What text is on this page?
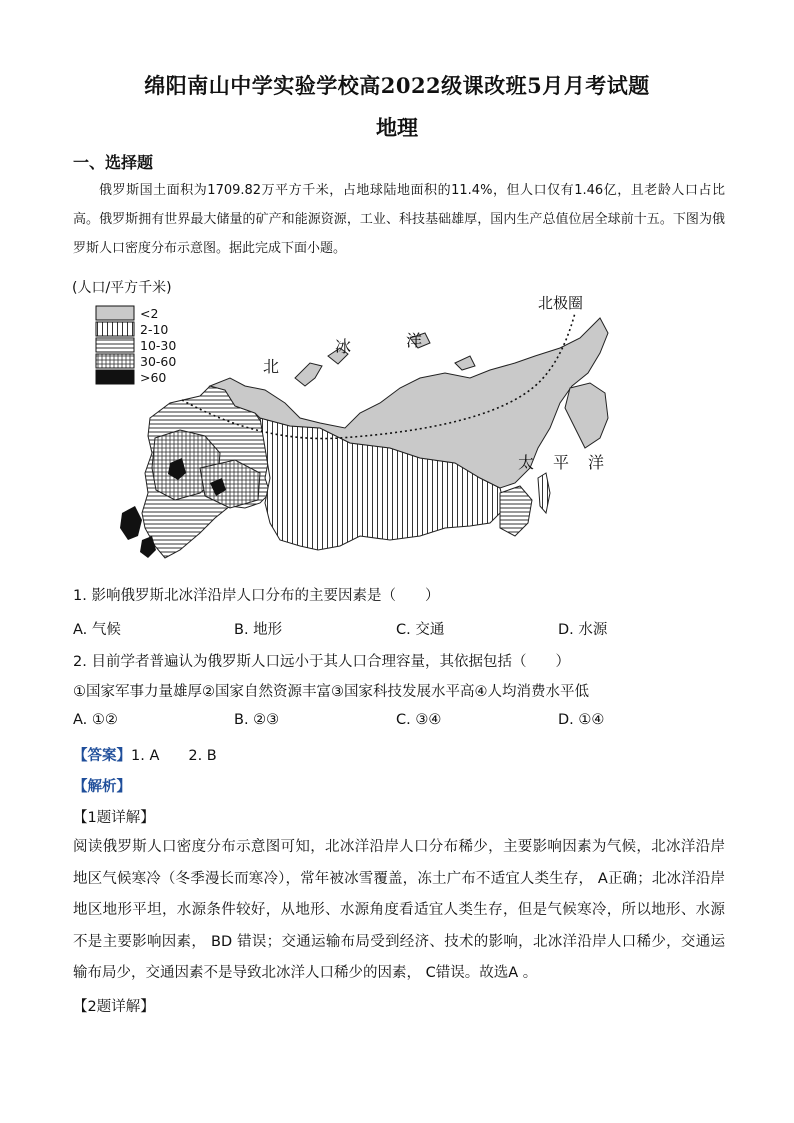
绵阳南山中学实验学校高2022级课改班5月月考试题
地理
一、选择题
俄罗斯国土面积为1709.82万平方千米，占地球陆地面积的11.4%，但人口仅有1.46亿，且老龄人口占比高。俄罗斯拥有世界最大储量的矿产和能源资源，工业、科技基础雄厚，国内生产总值位居全球前十五。下图为俄罗斯人口密度分布示意图。据此完成下面小题。
(人口/平方千米)
<2
2-10
10-30
30-60
>60
北极圈
北
冰	洋
太 平 洋
1. 影响俄罗斯北冰洋沿岸人口分布的主要因素是（　　）
A. 气候	B. 地形	C. 交通	D. 水源
2. 目前学者普遍认为俄罗斯人口远小于其人口合理容量，其依据包括（　　）
①国家军事力量雄厚②国家自然资源丰富③国家科技发展水平高④人均消费水平低
A. ①②	B. ②③	C. ③④	D. ①④
【答案】1. A　　2. B
【解析】
【1题详解】
阅读俄罗斯人口密度分布示意图可知，北冰洋沿岸人口分布稀少，主要影响因素为气候，北冰洋沿岸地区气候寒冷（冬季漫长而寒冷），常年被冰雪覆盖，冻土广布不适宜人类生存， A正确；北冰洋沿岸地区地形平坦，水源条件较好，从地形、水源角度看适宜人类生存，但是气候寒冷，所以地形、水源不是主要影响因素， BD 错误；交通运输布局受到经济、技术的影响，北冰洋沿岸人口稀少，交通运输布局少，交通因素不是导致北冰洋人口稀少的因素， C错误。故选A 。
【2题详解】
